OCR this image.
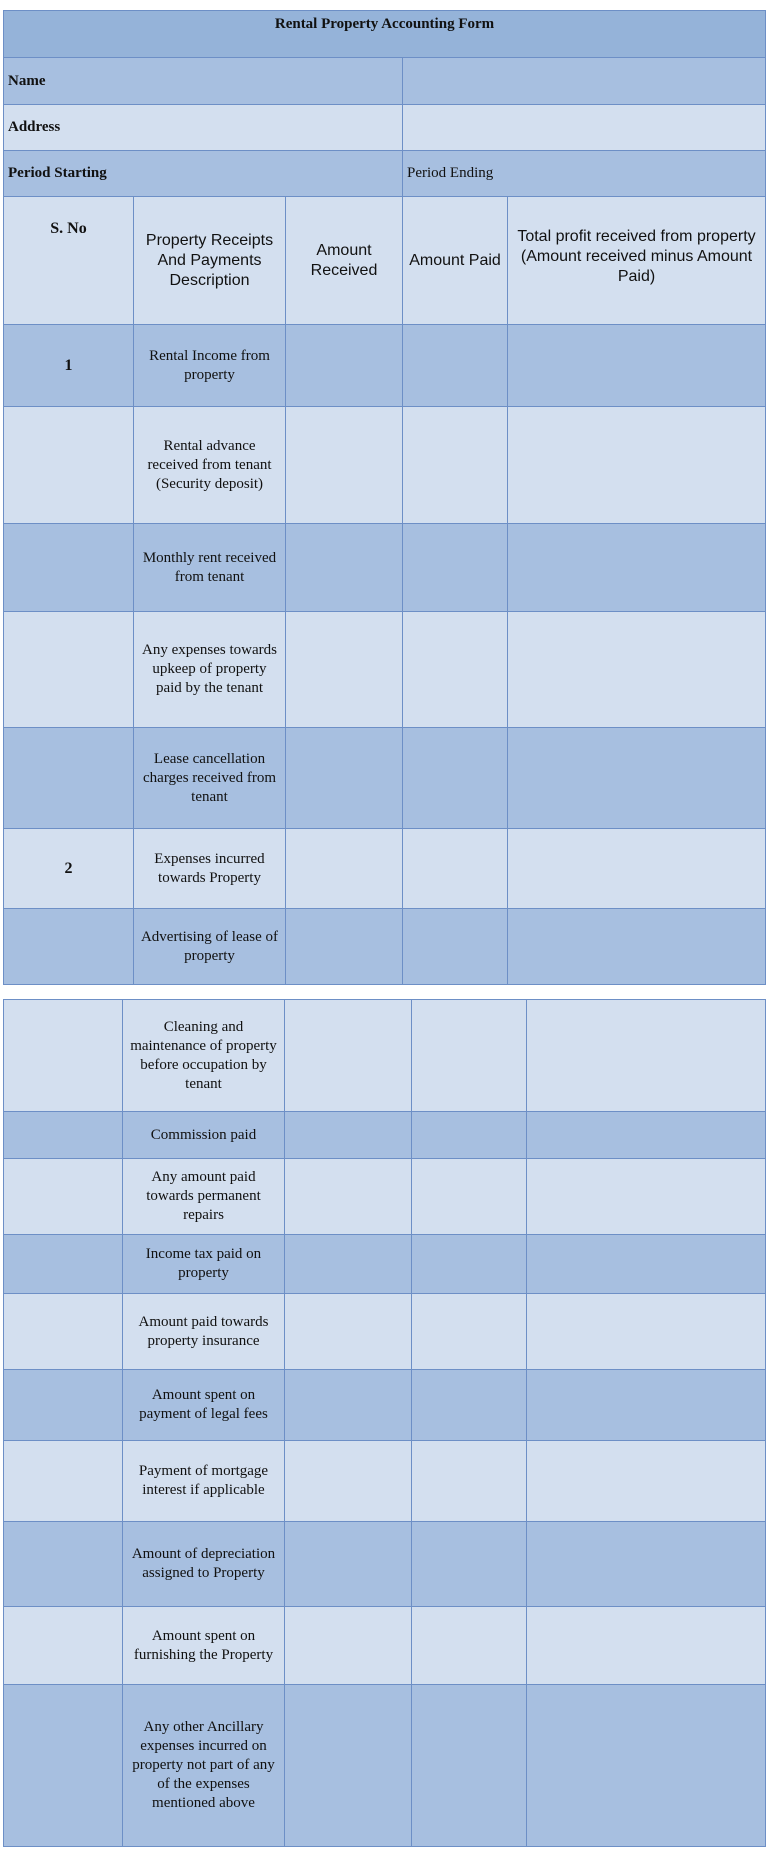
Rental Property Accounting Form				
Name				
Address				
Period Starting			Period Ending	
S. No	Property Receipts And Payments Description	Amount Received	Amount Paid	Total profit received from property (Amount received minus Amount Paid)
1	Rental Income from property			
	Rental advance received from tenant (Security deposit)			
	Monthly rent received from tenant			
	Any expenses towards upkeep of property paid by the tenant			
	Lease cancellation charges received from tenant			
2	Expenses incurred towards Property			
	Advertising of lease of property			
	Cleaning and maintenance of property before occupation by tenant			
	Commission paid			
	Any amount paid towards permanent repairs			
	Income tax paid on property			
	Amount paid towards property insurance			
	Amount spent on payment of legal fees			
	Payment of mortgage interest if applicable			
	Amount of depreciation assigned to Property			
	Amount spent on furnishing the Property			
	Any other Ancillary expenses incurred on property not part of any of the expenses mentioned above			
